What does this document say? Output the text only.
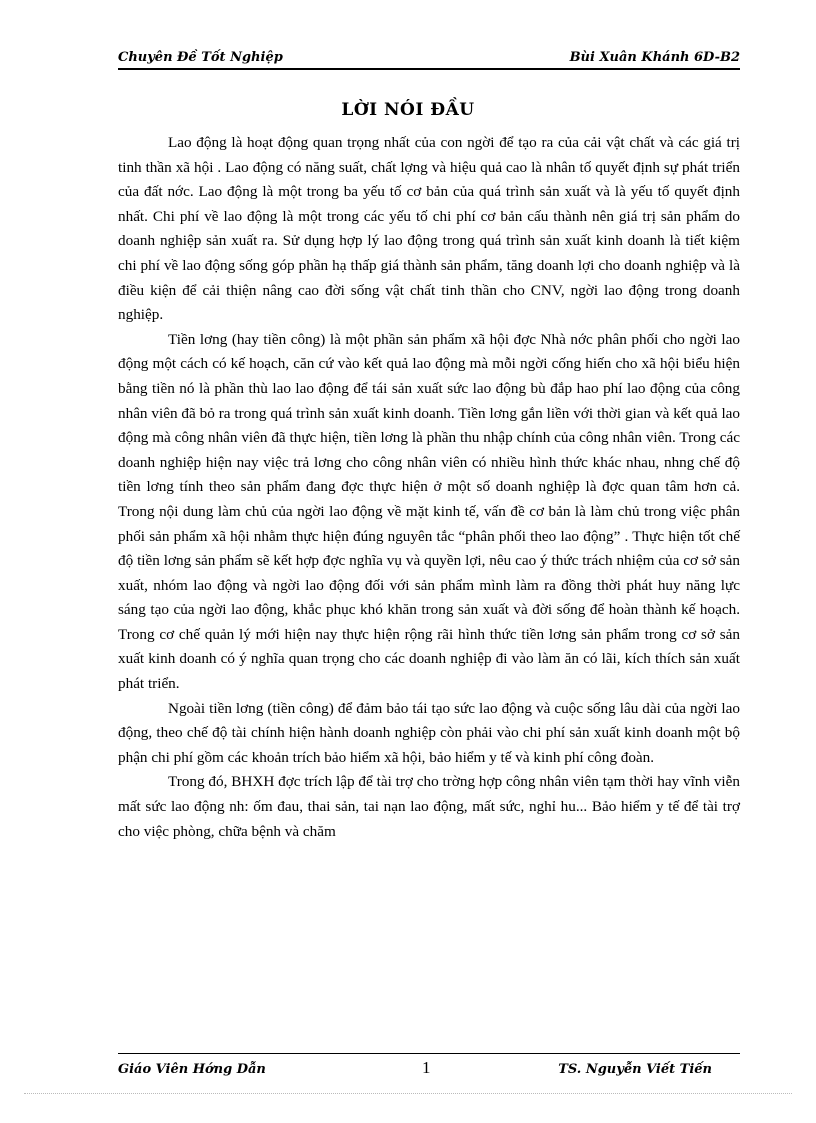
Chuyên Đề Tốt Nghiệp	Bùi Xuân Khánh 6D-B2
LỜI NÓI ĐẦU

Lao động là hoạt động quan trọng nhất của con ngời để tạo ra của cải vật chất và các giá trị tinh thần xã hội . Lao động có năng suất, chất lợng và hiệu quả cao là nhân tố quyết định sự phát triển của đất nớc. Lao động là một trong ba yếu tố cơ bản của quá trình sản xuất và là yếu tố quyết định nhất. Chi phí về lao động là một trong các yếu tố chi phí cơ bản cấu thành nên giá trị sản phẩm do doanh nghiệp sản xuất ra. Sử dụng hợp lý lao động trong quá trình sản xuất kinh doanh là tiết kiệm chi phí về lao động sống góp phần hạ thấp giá thành sản phẩm, tăng doanh lợi cho doanh nghiệp và là điều kiện để cải thiện nâng cao đời sống vật chất tinh thần cho CNV, ngời lao động trong doanh nghiệp.

Tiền lơng (hay tiền công) là một phần sản phẩm xã hội đợc Nhà nớc phân phối cho ngời lao động một cách có kế hoạch, căn cứ vào kết quả lao động mà mỗi ngời cống hiến cho xã hội biểu hiện bằng tiền nó là phần thù lao lao động để tái sản xuất sức lao động bù đắp hao phí lao động của công nhân viên đã bỏ ra trong quá trình sản xuất kinh doanh. Tiền lơng gắn liền với thời gian và kết quả lao động mà công nhân viên đã thực hiện, tiền lơng là phần thu nhập chính của công nhân viên. Trong các doanh nghiệp hiện nay việc trả lơng cho công nhân viên có nhiều hình thức khác nhau, nhng chế độ tiền lơng tính theo sản phẩm đang đợc thực hiện ở một số doanh nghiệp là đợc quan tâm hơn cả. Trong nội dung làm chủ của ngời lao động về mặt kinh tế, vấn đề cơ bản là làm chủ trong việc phân phối sản phẩm xã hội nhằm thực hiện đúng nguyên tắc “phân phối theo lao động” . Thực hiện tốt chế độ tiền lơng sản phẩm sẽ kết hợp đợc nghĩa vụ và quyền lợi, nêu cao ý thức trách nhiệm của cơ sở sản xuất, nhóm lao động và ngời lao động đối với sản phẩm mình làm ra đồng thời phát huy năng lực sáng tạo của ngời lao động, khắc phục khó khăn trong sản xuất và đời sống để hoàn thành kế hoạch. Trong cơ chế quản lý mới hiện nay thực hiện rộng rãi hình thức tiền lơng sản phẩm trong cơ sở sản xuất kinh doanh có ý nghĩa quan trọng cho các doanh nghiệp đi vào làm ăn có lãi, kích thích sản xuất phát triển.

Ngoài tiền lơng (tiền công) để đảm bảo tái tạo sức lao động và cuộc sống lâu dài của ngời lao động, theo chế độ tài chính hiện hành doanh nghiệp còn phải vào chi phí sản xuất kinh doanh một bộ phận chi phí gồm các khoản trích bảo hiểm xã hội, bảo hiểm y tế và kinh phí công đoàn.

Trong đó, BHXH đợc trích lập để tài trợ cho trờng hợp công nhân viên tạm thời hay vĩnh viễn mất sức lao động nh: ốm đau, thai sản, tai nạn lao động, mất sức, nghỉ hu... Bảo hiểm y tế để tài trợ cho việc phòng, chữa bệnh và chăm

Giáo Viên Hớng Dẫn	1	TS. Nguyễn Viết Tiến
